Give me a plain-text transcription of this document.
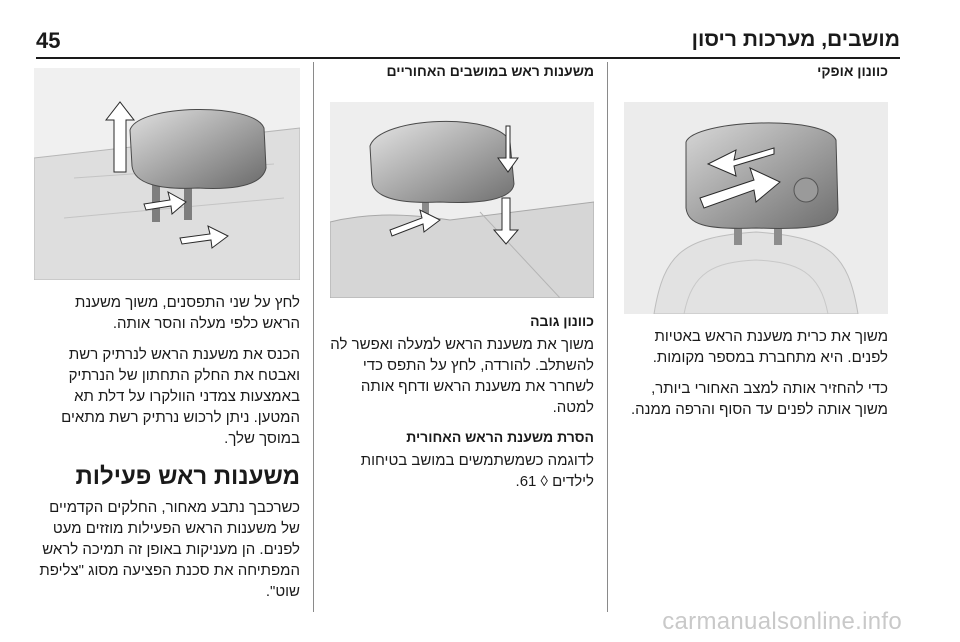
45	מושבים, מערכות ריסון
כוונון אופקי
משוך את כרית משענת הראש באטיות לפנים. היא מתחברת במספר מקומות.
כדי להחזיר אותה למצב האחורי ביותר, משוך אותה לפנים עד הסוף והרפה ממנה.
משענות ראש במושבים האחוריים
כוונון גובה
משוך את משענת הראש למעלה ואפשר לה להשתלב. להורדה, לחץ על התפס כדי לשחרר את משענת הראש ודחף אותה למטה.
הסרת משענת הראש האחורית
לדוגמה כשמשתמשים במושב בטיחות לילדים ◊ 61.
לחץ על שני התפסנים, משוך משענת הראש כלפי מעלה והסר אותה.
הכנס את משענת הראש לנרתיק רשת ואבטח את החלק התחתון של הנרתיק באמצעות צמדני הוולקרו על דלת תא המטען. ניתן לרכוש נרתיק רשת מתאים במוסך שלך.
משענות ראש פעילות
כשרכבך נתבע מאחור, החלקים הקדמיים של משענות הראש הפעילות מוזזים מעט לפנים. הן מעניקות באופן זה תמיכה לראש המפתיחה את סכנת הפציעה מסוג "צליפת שוט".
carmanualsonline.info
